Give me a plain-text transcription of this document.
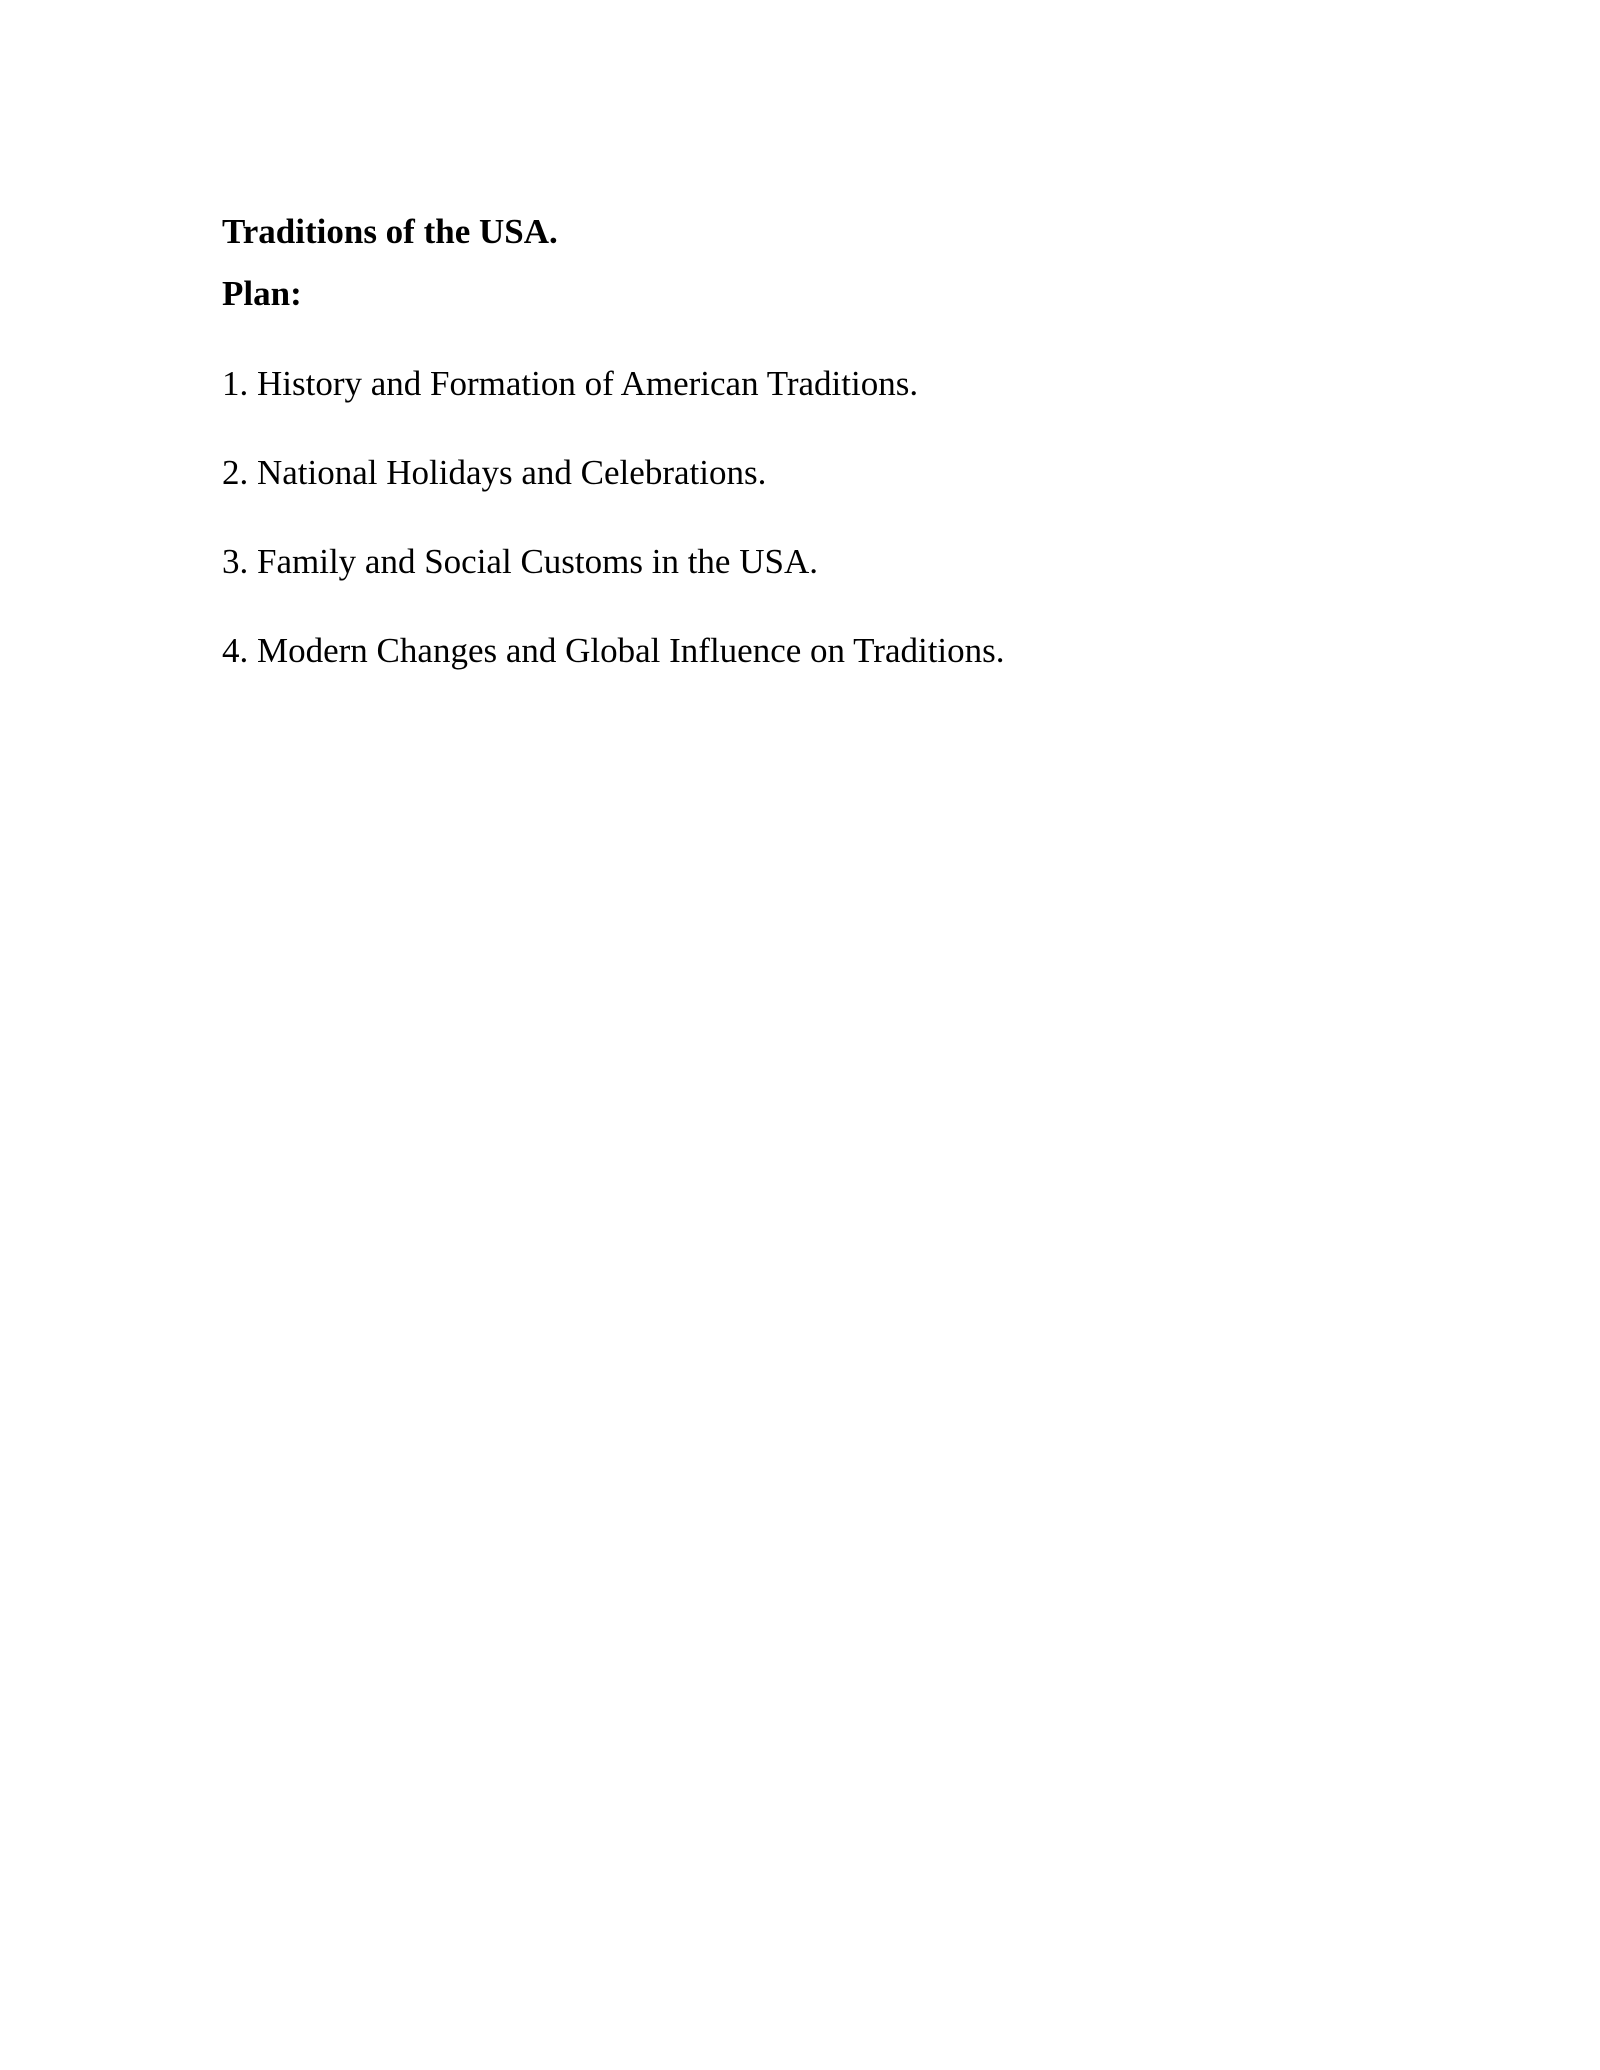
Traditions of the USA.
Plan:
1. History and Formation of American Traditions.
2. National Holidays and Celebrations.
3. Family and Social Customs in the USA.
4. Modern Changes and Global Influence on Traditions.
